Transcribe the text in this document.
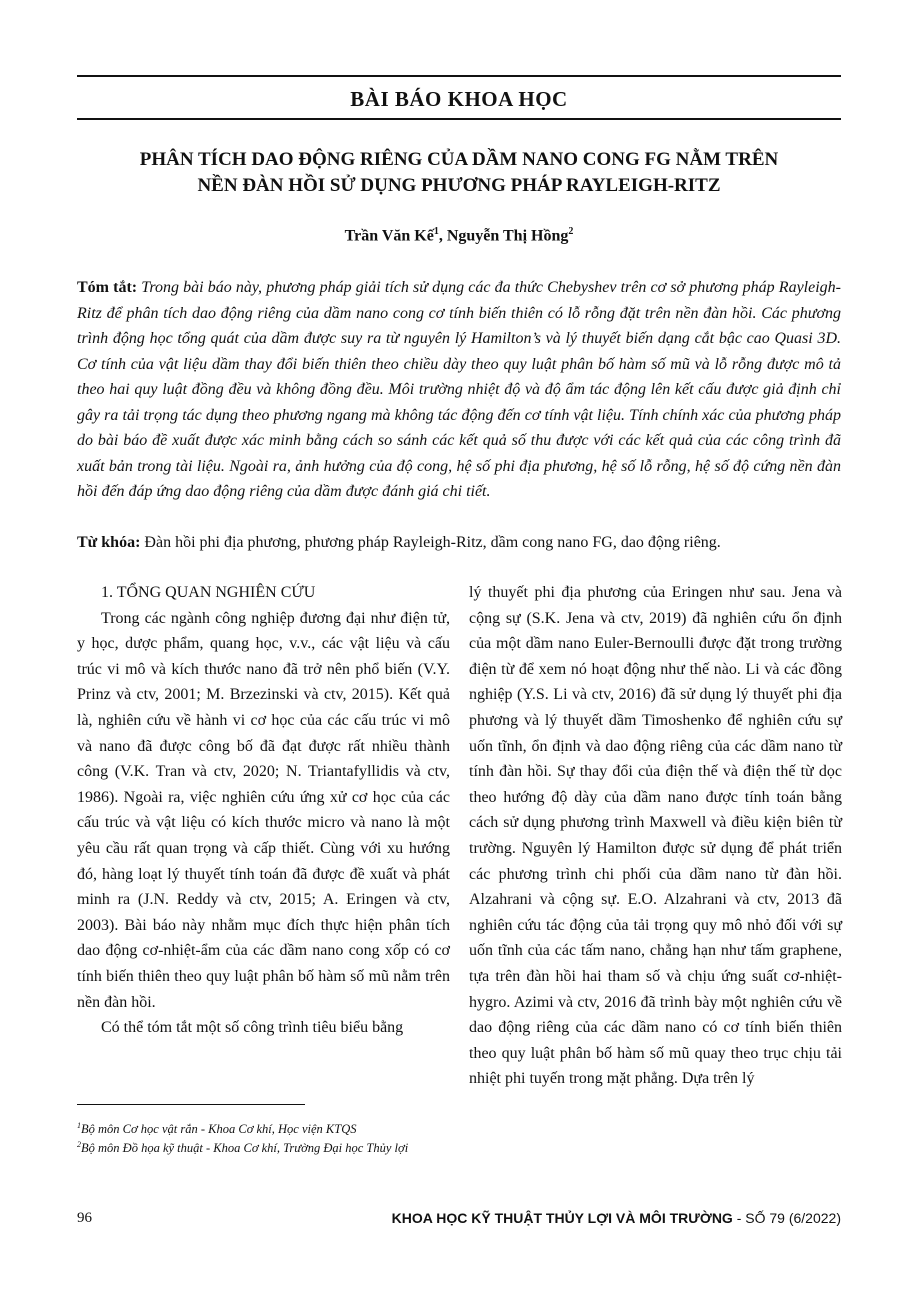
BÀI BÁO KHOA HỌC
PHÂN TÍCH DAO ĐỘNG RIÊNG CỦA DẦM NANO CONG FG NẰM TRÊN
NỀN ĐÀN HỒI SỬ DỤNG PHƯƠNG PHÁP RAYLEIGH-RITZ
Trần Văn Kế$^1$, Nguyễn Thị Hồng$^2$

Tóm tắt: Trong bài báo này, phương pháp giải tích sử dụng các đa thức Chebyshev trên cơ sở phương pháp Rayleigh-Ritz để phân tích dao động riêng của dầm nano cong cơ tính biến thiên có lỗ rỗng đặt trên nền đàn hồi. Các phương trình động học tổng quát của dầm được suy ra từ nguyên lý Hamilton’s và lý thuyết biến dạng cắt bậc cao Quasi 3D. Cơ tính của vật liệu dầm thay đổi biến thiên theo chiều dày theo quy luật phân bố hàm số mũ và lỗ rỗng được mô tả theo hai quy luật đồng đều và không đồng đều. Môi trường nhiệt độ và độ ẩm tác động lên kết cấu được giả định chỉ gây ra tải trọng tác dụng theo phương ngang mà không tác động đến cơ tính vật liệu. Tính chính xác của phương pháp do bài báo đề xuất được xác minh bằng cách so sánh các kết quả số thu được với các kết quả của các công trình đã xuất bản trong tài liệu. Ngoài ra, ảnh hưởng của độ cong, hệ số phi địa phương, hệ số lỗ rỗng, hệ số độ cứng nền đàn hồi đến đáp ứng dao động riêng của dầm được đánh giá chi tiết.

Từ khóa: Đàn hồi phi địa phương, phương pháp Rayleigh-Ritz, dầm cong nano FG, dao động riêng.

1. TỔNG QUAN NGHIÊN CỨU

Trong các ngành công nghiệp đương đại như điện tử, y học, dược phẩm, quang học, v.v., các vật liệu và cấu trúc vi mô và kích thước nano đã trở nên phổ biến (V.Y. Prinz và ctv, 2001; M. Brzezinski và ctv, 2015). Kết quả là, nghiên cứu về hành vi cơ học của các cấu trúc vi mô và nano đã được công bố đã đạt được rất nhiều thành công (V.K. Tran và ctv, 2020; N. Triantafyllidis và ctv, 1986). Ngoài ra, việc nghiên cứu ứng xử cơ học của các cấu trúc và vật liệu có kích thước micro và nano là một yêu cầu rất quan trọng và cấp thiết. Cùng với xu hướng đó, hàng loạt lý thuyết tính toán đã được đề xuất và phát minh ra (J.N. Reddy và ctv, 2015; A. Eringen và ctv, 2003). Bài báo này nhằm mục đích thực hiện phân tích dao động cơ-nhiệt-ẩm của các dầm nano cong xốp có cơ tính biến thiên theo quy luật phân bố hàm số mũ nằm trên nền đàn hồi.

Có thể tóm tắt một số công trình tiêu biểu bằng

lý thuyết phi địa phương của Eringen như sau. Jena và cộng sự (S.K. Jena và ctv, 2019) đã nghiên cứu ổn định của một dầm nano Euler-Bernoulli được đặt trong trường điện từ để xem nó hoạt động như thế nào. Li và các đồng nghiệp (Y.S. Li và ctv, 2016) đã sử dụng lý thuyết phi địa phương và lý thuyết dầm Timoshenko để nghiên cứu sự uốn tĩnh, ổn định và dao động riêng của các dầm nano từ tính đàn hồi. Sự thay đổi của điện thế và điện thế từ dọc theo hướng độ dày của dầm nano được tính toán bằng cách sử dụng phương trình Maxwell và điều kiện biên từ trường. Nguyên lý Hamilton được sử dụng để phát triển các phương trình chi phối của dầm nano từ đàn hồi. Alzahrani và cộng sự. E.O. Alzahrani và ctv, 2013 đã nghiên cứu tác động của tải trọng quy mô nhỏ đối với sự uốn tĩnh của các tấm nano, chẳng hạn như tấm graphene, tựa trên đàn hồi hai tham số và chịu ứng suất cơ-nhiệt-hygro. Azimi và ctv, 2016 đã trình bày một nghiên cứu về dao động riêng của các dầm nano có cơ tính biến thiên theo quy luật phân bố hàm số mũ quay theo trục chịu tải nhiệt phi tuyến trong mặt phẳng. Dựa trên lý

$^1$Bộ môn Cơ học vật rắn - Khoa Cơ khí, Học viện KTQS
$^2$Bộ môn Đồ họa kỹ thuật - Khoa Cơ khí, Trường Đại học Thủy lợi
96	KHOA HỌC KỸ THUẬT THỦY LỢI VÀ MÔI TRƯỜNG - SỐ 79 (6/2022)
